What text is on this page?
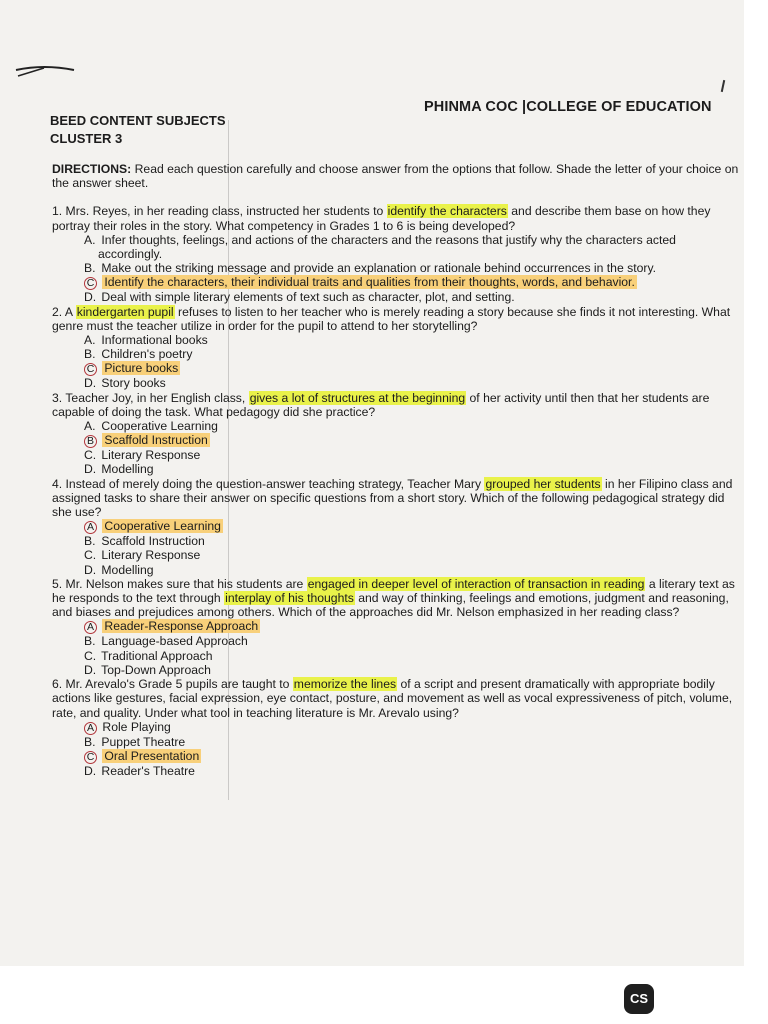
PHINMA COC |COLLEGE OF EDUCATION
BEED CONTENT SUBJECTS
CLUSTER 3
DIRECTIONS: Read each question carefully and choose answer from the options that follow. Shade the letter of your choice on the answer sheet.
1. Mrs. Reyes, in her reading class, instructed her students to identify the characters and describe them base on how they portray their roles in the story. What competency in Grades 1 to 6 is being developed?
A. Infer thoughts, feelings, and actions of the characters and the reasons that justify why the characters acted accordingly.
B. Make out the striking message and provide an explanation or rationale behind occurrences in the story.
C Identify the characters, their individual traits and qualities from their thoughts, words, and behavior.
D. Deal with simple literary elements of text such as character, plot, and setting.
2. A kindergarten pupil refuses to listen to her teacher who is merely reading a story because she finds it not interesting. What genre must the teacher utilize in order for the pupil to attend to her storytelling?
A. Informational books
B. Children's poetry
C Picture books
D. Story books
3. Teacher Joy, in her English class, gives a lot of structures at the beginning of her activity until then that her students are capable of doing the task. What pedagogy did she practice?
A. Cooperative Learning
B Scaffold Instruction
C. Literary Response
D. Modelling
4. Instead of merely doing the question-answer teaching strategy, Teacher Mary grouped her students in her Filipino class and assigned tasks to share their answer on specific questions from a short story. Which of the following pedagogical strategy did she use?
A Cooperative Learning
B. Scaffold Instruction
C. Literary Response
D. Modelling
5. Mr. Nelson makes sure that his students are engaged in deeper level of interaction of transaction in reading a literary text as he responds to the text through interplay of his thoughts and way of thinking, feelings and emotions, judgment and reasoning, and biases and prejudices among others. Which of the approaches did Mr. Nelson emphasized in her reading class?
A Reader-Response Approach
B. Language-based Approach
C. Traditional Approach
D. Top-Down Approach
6. Mr. Arevalo's Grade 5 pupils are taught to memorize the lines of a script and present dramatically with appropriate bodily actions like gestures, facial expression, eye contact, posture, and movement as well as vocal expressiveness of pitch, volume, rate, and quality. Under what tool in teaching literature is Mr. Arevalo using?
A Role Playing
B. Puppet Theatre
C Oral Presentation
D. Reader's Theatre
CS
